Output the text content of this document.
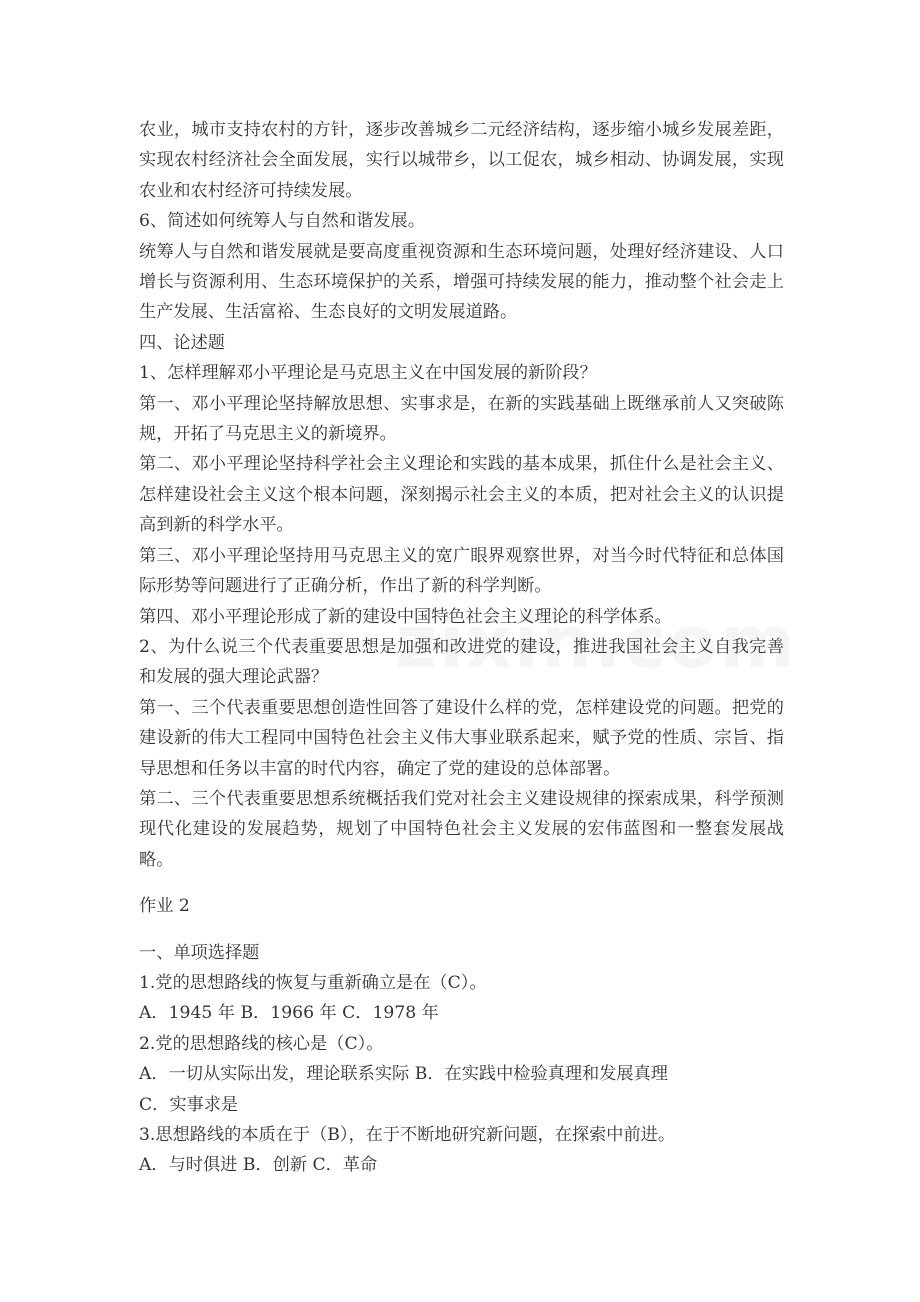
农业，城市支持农村的方针，逐步改善城乡二元经济结构，逐步缩小城乡发展差距，实现农村经济社会全面发展，实行以城带乡，以工促农，城乡相动、协调发展，实现农业和农村经济可持续发展。

6、简述如何统筹人与自然和谐发展。

统筹人与自然和谐发展就是要高度重视资源和生态环境问题，处理好经济建设、人口增长与资源利用、生态环境保护的关系，增强可持续发展的能力，推动整个社会走上生产发展、生活富裕、生态良好的文明发展道路。

四、论述题

1、怎样理解邓小平理论是马克思主义在中国发展的新阶段？

第一、邓小平理论坚持解放思想、实事求是，在新的实践基础上既继承前人又突破陈规，开拓了马克思主义的新境界。

第二、邓小平理论坚持科学社会主义理论和实践的基本成果，抓住什么是社会主义、怎样建设社会主义这个根本问题，深刻揭示社会主义的本质，把对社会主义的认识提高到新的科学水平。

第三、邓小平理论坚持用马克思主义的宽广眼界观察世界，对当今时代特征和总体国际形势等问题进行了正确分析，作出了新的科学判断。

第四、邓小平理论形成了新的建设中国特色社会主义理论的科学体系。

2、为什么说三个代表重要思想是加强和改进党的建设，推进我国社会主义自我完善和发展的强大理论武器？

第一、三个代表重要思想创造性回答了建设什么样的党，怎样建设党的问题。把党的建设新的伟大工程同中国特色社会主义伟大事业联系起来，赋予党的性质、宗旨、指导思想和任务以丰富的时代内容，确定了党的建设的总体部署。

第二、三个代表重要思想系统概括我们党对社会主义建设规律的探索成果，科学预测现代化建设的发展趋势，规划了中国特色社会主义发展的宏伟蓝图和一整套发展战略。

作业 2

一、单项选择题

1.党的思想路线的恢复与重新确立是在（C）。

A．1945 年 B．1966 年 C．1978 年

2.党的思想路线的核心是（C）。

A．一切从实际出发，理论联系实际 B．在实践中检验真理和发展真理

C．实事求是

3.思想路线的本质在于（B），在于不断地研究新问题，在探索中前进。

A．与时俱进 B．创新 C．革命
